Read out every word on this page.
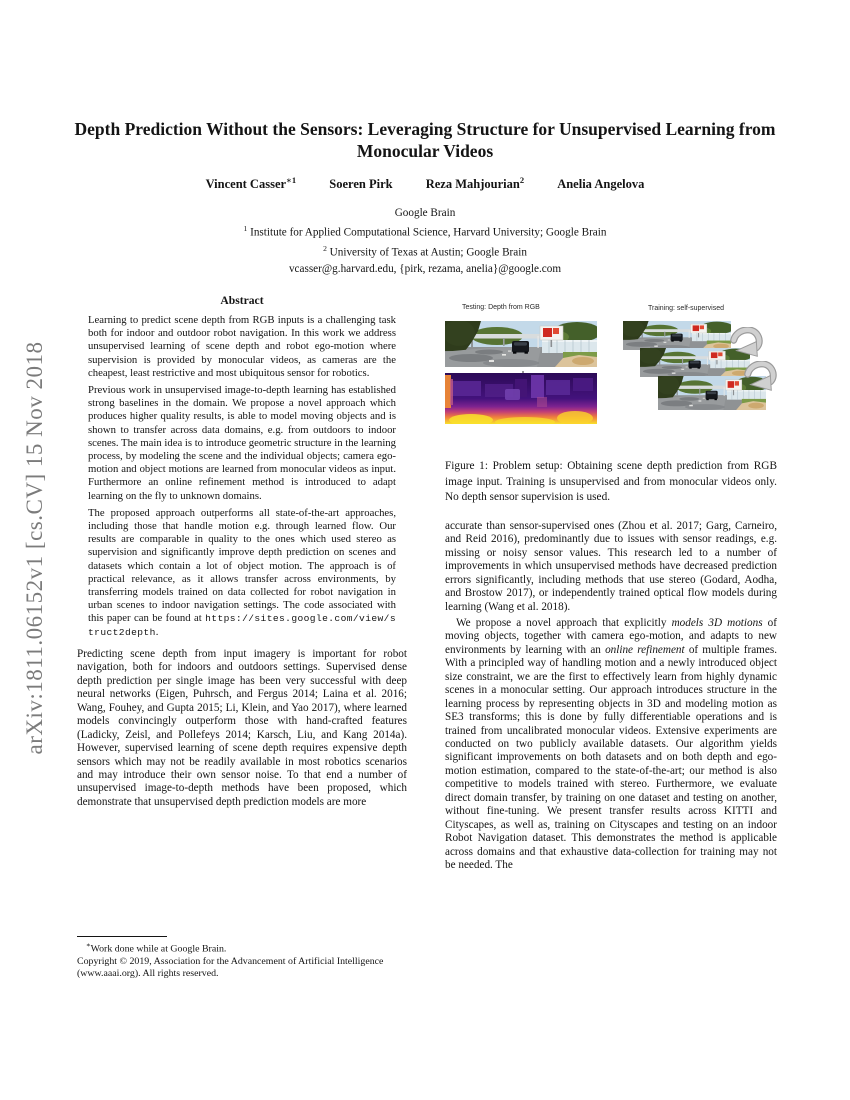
arXiv:1811.06152v1 [cs.CV] 15 Nov 2018
Depth Prediction Without the Sensors: Leveraging Structure for Unsupervised Learning from Monocular Videos
Vincent Casser$^{∗1}$	Soeren Pirk	Reza Mahjourian$^2$	Anelia Angelova
Google Brain
$^1$ Institute for Applied Computational Science, Harvard University; Google Brain
$^2$ University of Texas at Austin; Google Brain
vcasser@g.harvard.edu, {pirk, rezama, anelia}@google.com
Abstract

Learning to predict scene depth from RGB inputs is a challenging task both for indoor and outdoor robot navigation. In this work we address unsupervised learning of scene depth and robot ego-motion where supervision is provided by monocular videos, as cameras are the cheapest, least restrictive and most ubiquitous sensor for robotics.

Previous work in unsupervised image-to-depth learning has established strong baselines in the domain. We propose a novel approach which produces higher quality results, is able to model moving objects and is shown to transfer across data domains, e.g. from outdoors to indoor scenes. The main idea is to introduce geometric structure in the learning process, by modeling the scene and the individual objects; camera ego-motion and object motions are learned from monocular videos as input. Furthermore an online refinement method is introduced to adapt learning on the fly to unknown domains.

The proposed approach outperforms all state-of-the-art approaches, including those that handle motion e.g. through learned flow. Our results are comparable in quality to the ones which used stereo as supervision and significantly improve depth prediction on scenes and datasets which contain a lot of object motion. The approach is of practical relevance, as it allows transfer across environments, by transferring models trained on data collected for robot navigation in urban scenes to indoor navigation settings. The code associated with this paper can be found at https://sites.google.com/view/struct2depth.

Predicting scene depth from input imagery is important for robot navigation, both for indoors and outdoors settings. Supervised dense depth prediction per single image has been very successful with deep neural networks (Eigen, Puhrsch, and Fergus 2014; Laina et al. 2016; Wang, Fouhey, and Gupta 2015; Li, Klein, and Yao 2017), where learned models convincingly outperform those with hand-crafted features (Ladicky, Zeisl, and Pollefeys 2014; Karsch, Liu, and Kang 2014a). However, supervised learning of scene depth requires expensive depth sensors which may not be readily available in most robotics scenarios and may introduce their own sensor noise. To that end a number of unsupervised image-to-depth methods have been proposed, which demonstrate that unsupervised depth prediction models are more
∗Work done while at Google Brain.
Copyright © 2019, Association for the Advancement of Artificial Intelligence (www.aaai.org). All rights reserved.
Testing: Depth from RGB	Training: self-supervised
Figure 1: Problem setup: Obtaining scene depth prediction from RGB image input. Training is unsupervised and from monocular videos only. No depth sensor supervision is used.

accurate than sensor-supervised ones (Zhou et al. 2017; Garg, Carneiro, and Reid 2016), predominantly due to issues with sensor readings, e.g. missing or noisy sensor values. This research led to a number of improvements in which unsupervised methods have decreased prediction errors significantly, including methods that use stereo (Godard, Aodha, and Brostow 2017), or independently trained optical flow models during learning (Wang et al. 2018).

We propose a novel approach that explicitly models 3D motions of moving objects, together with camera ego-motion, and adapts to new environments by learning with an online refinement of multiple frames. With a principled way of handling motion and a newly introduced object size constraint, we are the first to effectively learn from highly dynamic scenes in a monocular setting. Our approach introduces structure in the learning process by representing objects in 3D and modeling motion as SE3 transforms; this is done by fully differentiable operations and is trained from uncalibrated monocular videos. Extensive experiments are conducted on two publicly available datasets. Our algorithm yields significant improvements on both datasets and on both depth and ego-motion estimation, compared to the state-of-the-art; our method is also competitive to models trained with stereo. Furthermore, we evaluate direct domain transfer, by training on one dataset and testing on another, without fine-tuning. We present transfer results across KITTI and Cityscapes, as well as, training on Cityscapes and testing on an indoor Robot Navigation dataset. This demonstrates the method is applicable across domains and that exhaustive data-collection for training may not be needed. The
